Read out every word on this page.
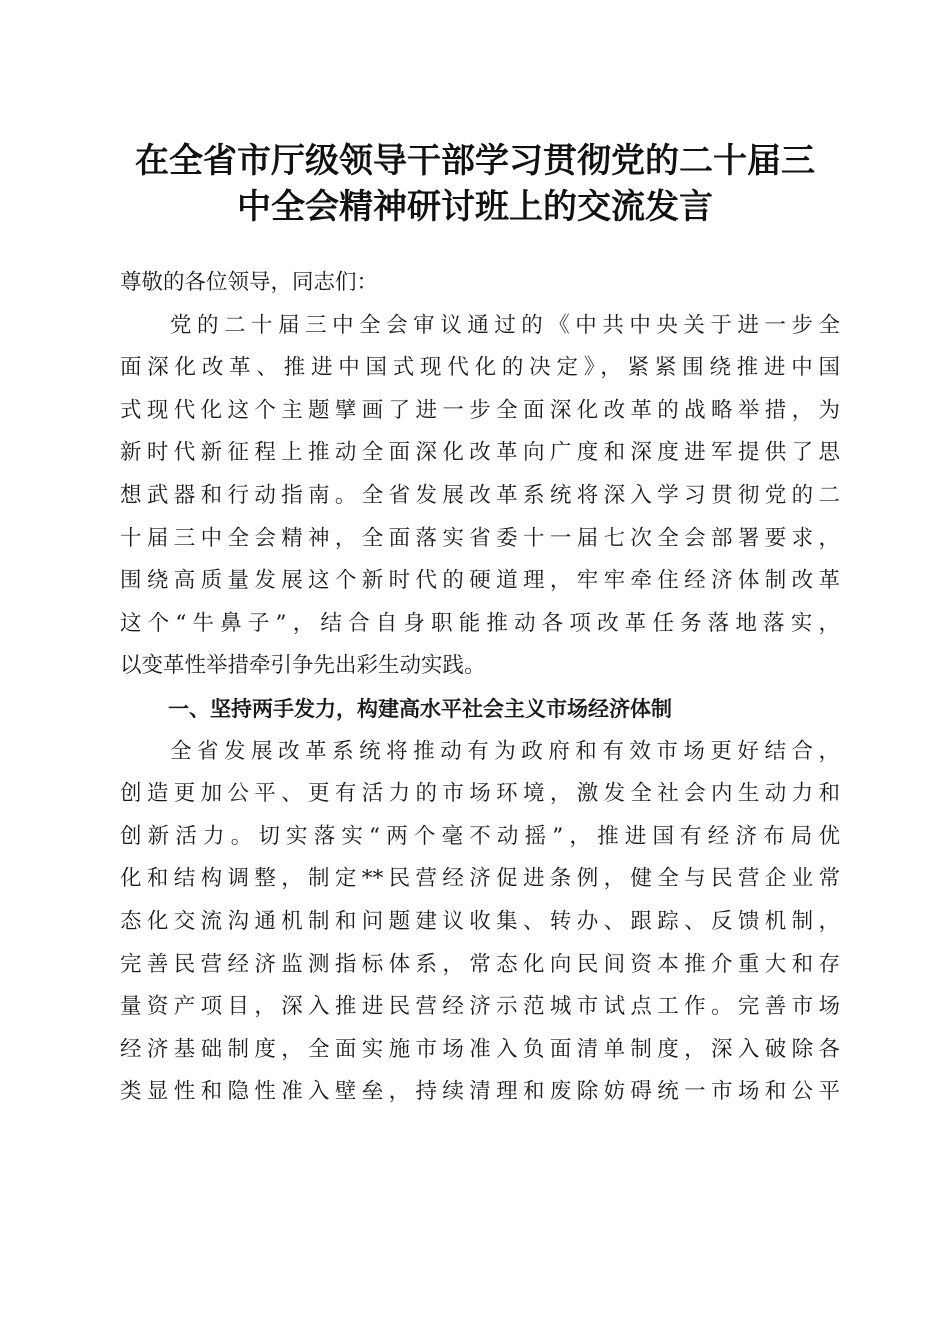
在全省市厅级领导干部学习贯彻党的二十届三
中全会精神研讨班上的交流发言
尊敬的各位领导，同志们：
党的二十届三中全会审议通过的《中共中央关于进一步全
面深化改革、推进中国式现代化的决定》，紧紧围绕推进中国
式现代化这个主题擘画了进一步全面深化改革的战略举措，为
新时代新征程上推动全面深化改革向广度和深度进军提供了思
想武器和行动指南。全省发展改革系统将深入学习贯彻党的二
十届三中全会精神，全面落实省委十一届七次全会部署要求，
围绕高质量发展这个新时代的硬道理，牢牢牵住经济体制改革
这个“牛鼻子”，结合自身职能推动各项改革任务落地落实，
以变革性举措牵引争先出彩生动实践。
一、坚持两手发力，构建高水平社会主义市场经济体制
全省发展改革系统将推动有为政府和有效市场更好结合，
创造更加公平、更有活力的市场环境，激发全社会内生动力和
创新活力。切实落实“两个毫不动摇”，推进国有经济布局优
化和结构调整，制定**民营经济促进条例，健全与民营企业常
态化交流沟通机制和问题建议收集、转办、跟踪、反馈机制，
完善民营经济监测指标体系，常态化向民间资本推介重大和存
量资产项目，深入推进民营经济示范城市试点工作。完善市场
经济基础制度，全面实施市场准入负面清单制度，深入破除各
类显性和隐性准入壁垒，持续清理和废除妨碍统一市场和公平
